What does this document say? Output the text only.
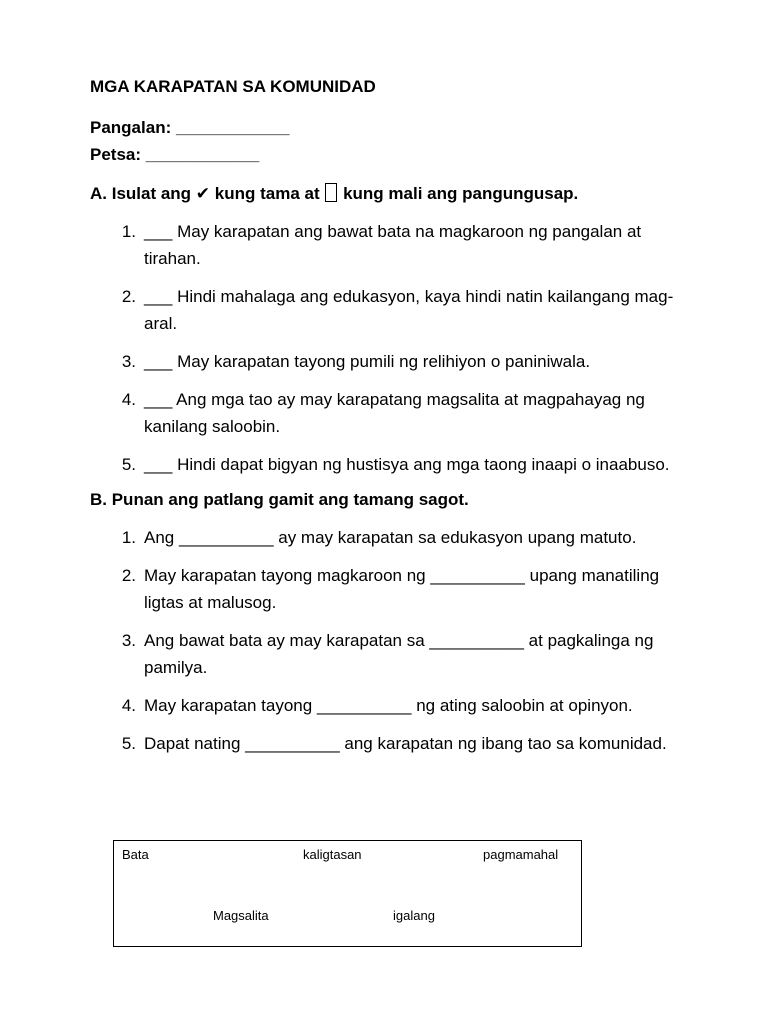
MGA KARAPATAN SA KOMUNIDAD
Pangalan: ____________
Petsa: ____________
A. Isulat ang ✔ kung tama at  kung mali ang pangungusap.
1. ___ May karapatan ang bawat bata na magkaroon ng pangalan at tirahan.
2. ___ Hindi mahalaga ang edukasyon, kaya hindi natin kailangang mag-aral.
3. ___ May karapatan tayong pumili ng relihiyon o paniniwala.
4. ___ Ang mga tao ay may karapatang magsalita at magpahayag ng kanilang saloobin.
5. ___ Hindi dapat bigyan ng hustisya ang mga taong inaapi o inaabuso.
B. Punan ang patlang gamit ang tamang sagot.
1. Ang __________ ay may karapatan sa edukasyon upang matuto.
2. May karapatan tayong magkaroon ng __________ upang manatiling ligtas at malusog.
3. Ang bawat bata ay may karapatan sa __________ at pagkalinga ng pamilya.
4. May karapatan tayong __________ ng ating saloobin at opinyon.
5. Dapat nating __________ ang karapatan ng ibang tao sa komunidad.
Bata	kaligtasan	pagmamahal
Magsalita	igalang
